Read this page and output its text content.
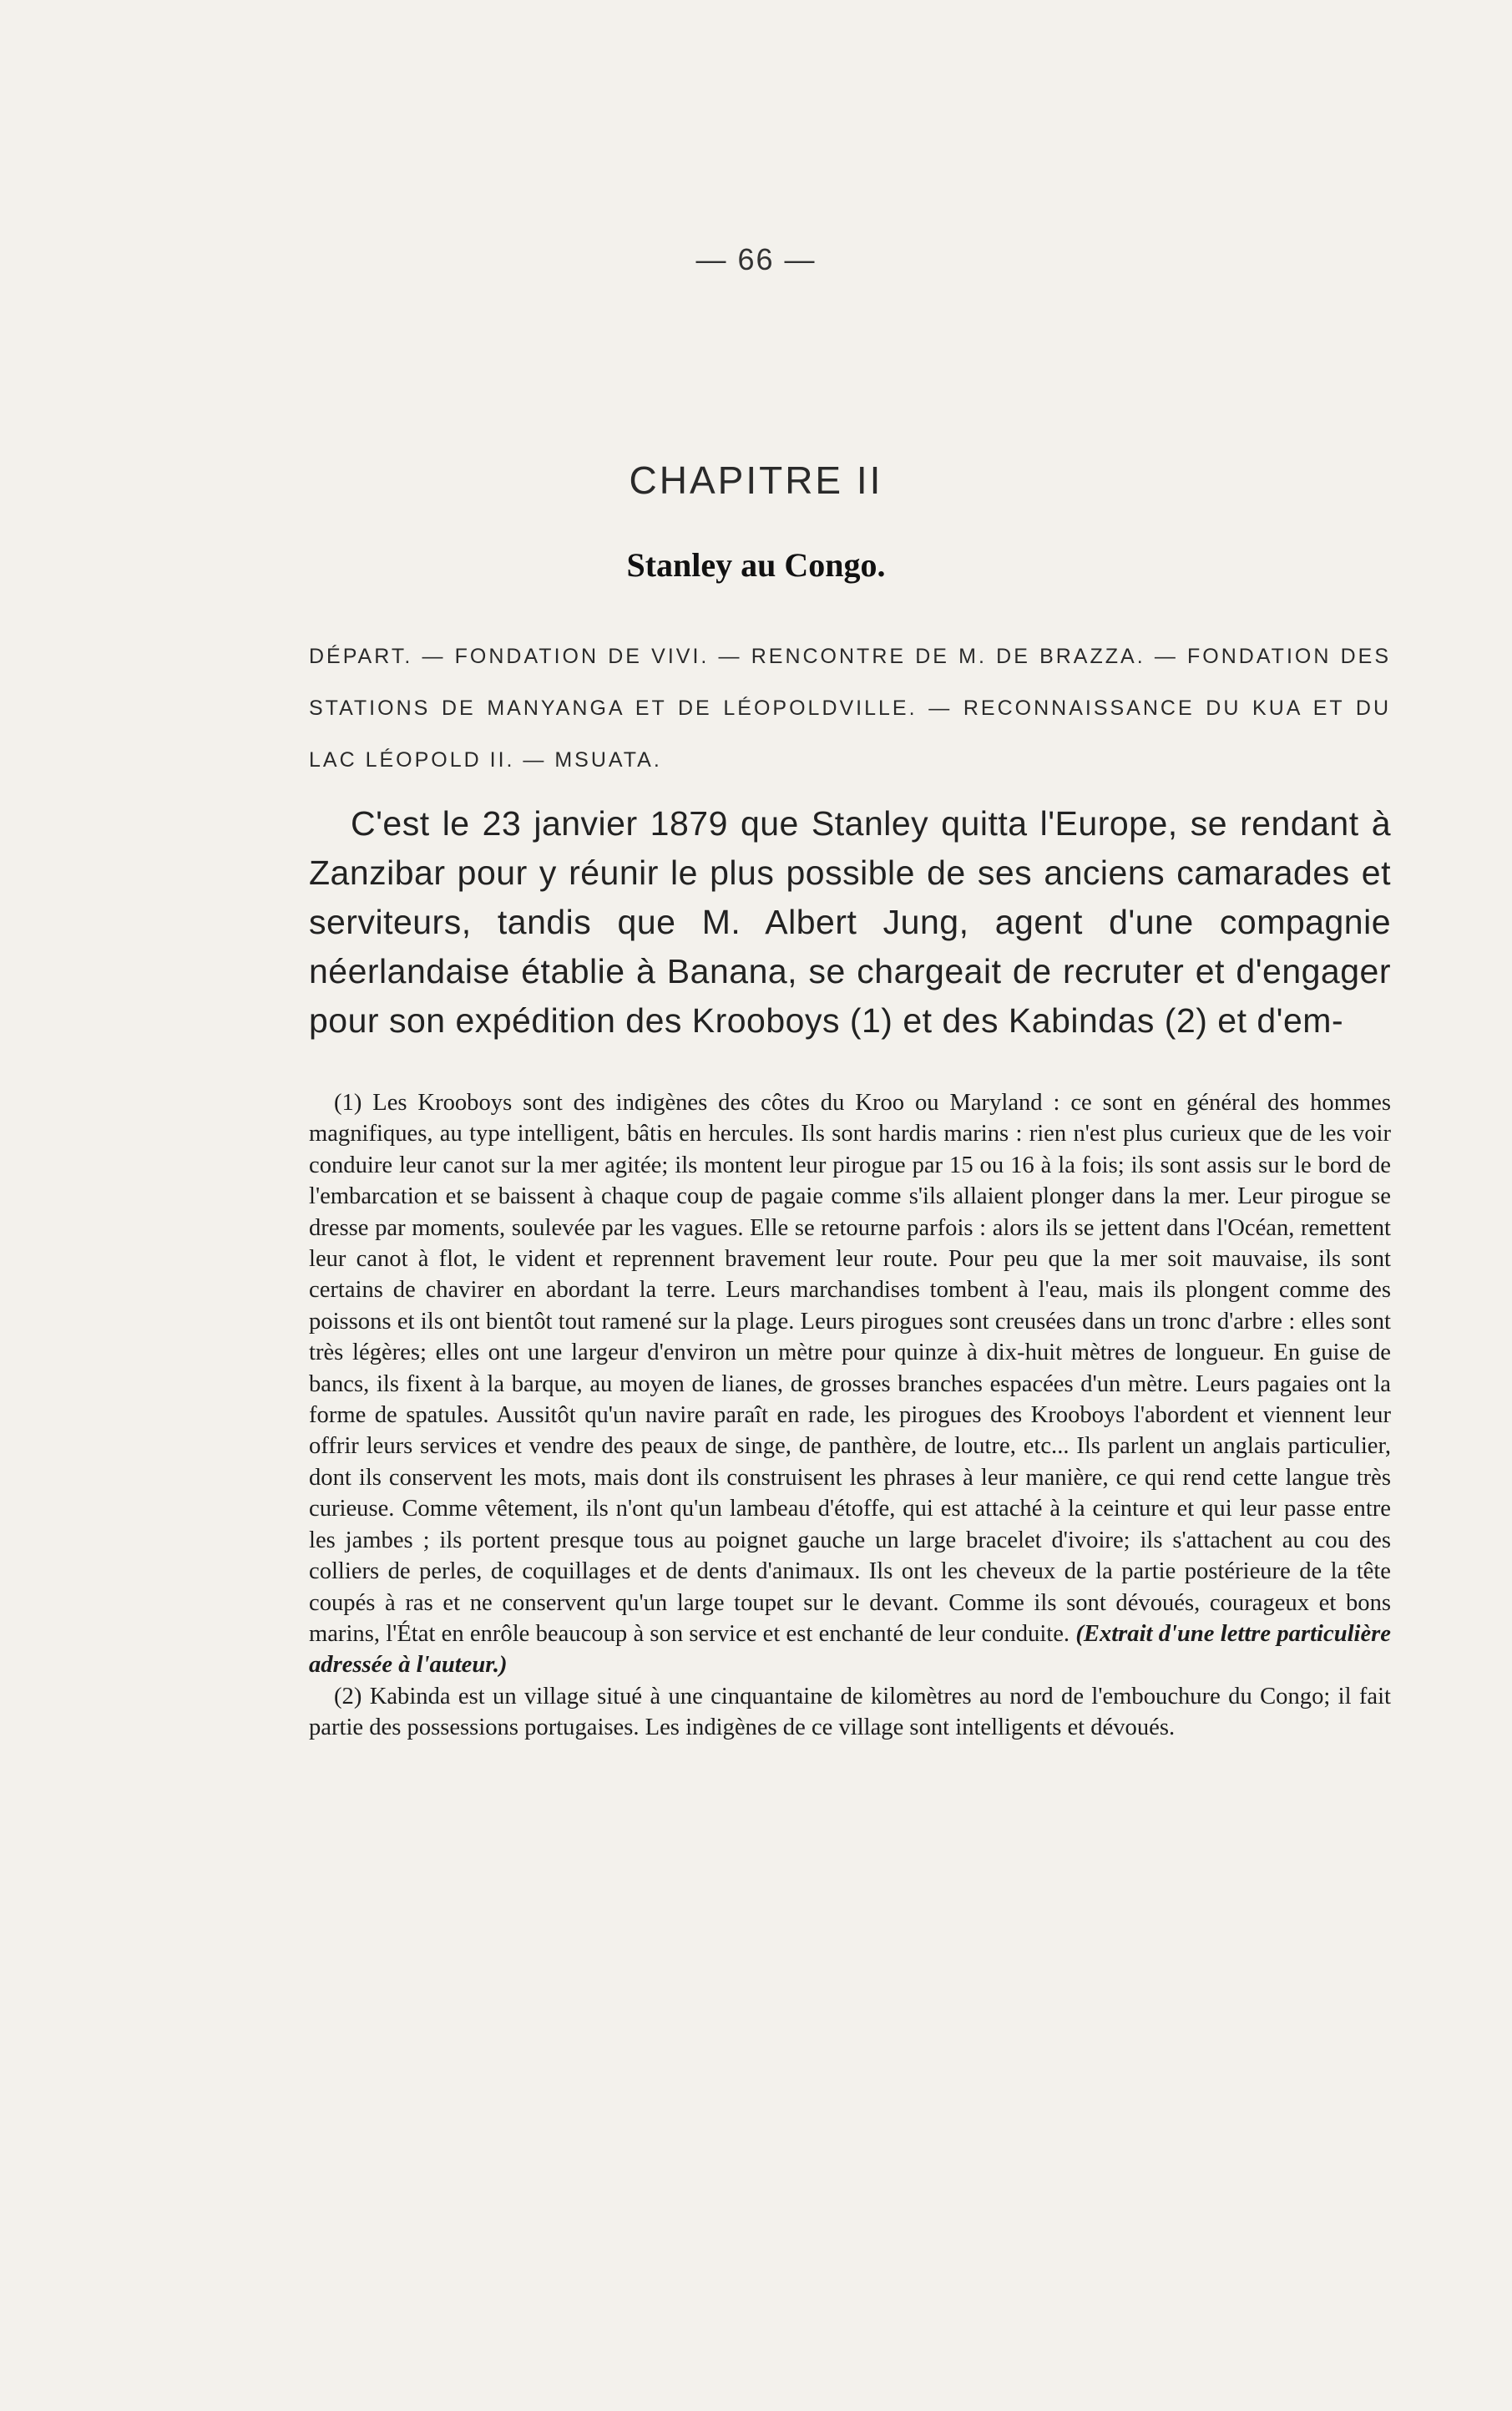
— 66 —
CHAPITRE II
Stanley au Congo.
DÉPART. — FONDATION DE VIVI. — RENCONTRE DE M. DE BRAZZA. — FONDATION DES STATIONS DE MANYANGA ET DE LÉOPOLDVILLE. — RECONNAISSANCE DU KUA ET DU LAC LÉOPOLD II. — MSUATA.

C'est le 23 janvier 1879 que Stanley quitta l'Europe, se rendant à Zanzibar pour y réunir le plus possible de ses anciens camarades et serviteurs, tandis que M. Albert Jung, agent d'une compagnie néerlandaise établie à Banana, se chargeait de recruter et d'engager pour son expédition des Krooboys (1) et des Kabindas (2) et d'em-

(1) Les Krooboys sont des indigènes des côtes du Kroo ou Maryland : ce sont en général des hommes magnifiques, au type intelligent, bâtis en hercules. Ils sont hardis marins : rien n'est plus curieux que de les voir conduire leur canot sur la mer agitée; ils montent leur pirogue par 15 ou 16 à la fois; ils sont assis sur le bord de l'embarcation et se baissent à chaque coup de pagaie comme s'ils allaient plonger dans la mer. Leur pirogue se dresse par moments, soulevée par les vagues. Elle se retourne parfois : alors ils se jettent dans l'Océan, remettent leur canot à flot, le vident et reprennent bravement leur route. Pour peu que la mer soit mauvaise, ils sont certains de chavirer en abordant la terre. Leurs marchandises tombent à l'eau, mais ils plongent comme des poissons et ils ont bientôt tout ramené sur la plage. Leurs pirogues sont creusées dans un tronc d'arbre : elles sont très légères; elles ont une largeur d'environ un mètre pour quinze à dix-huit mètres de longueur. En guise de bancs, ils fixent à la barque, au moyen de lianes, de grosses branches espacées d'un mètre. Leurs pagaies ont la forme de spatules. Aussitôt qu'un navire paraît en rade, les pirogues des Krooboys l'abordent et viennent leur offrir leurs services et vendre des peaux de singe, de panthère, de loutre, etc... Ils parlent un anglais particulier, dont ils conservent les mots, mais dont ils construisent les phrases à leur manière, ce qui rend cette langue très curieuse. Comme vêtement, ils n'ont qu'un lambeau d'étoffe, qui est attaché à la ceinture et qui leur passe entre les jambes ; ils portent presque tous au poignet gauche un large bracelet d'ivoire; ils s'attachent au cou des colliers de perles, de coquillages et de dents d'animaux. Ils ont les cheveux de la partie postérieure de la tête coupés à ras et ne conservent qu'un large toupet sur le devant. Comme ils sont dévoués, courageux et bons marins, l'État en enrôle beaucoup à son service et est enchanté de leur conduite. (Extrait d'une lettre particulière adressée à l'auteur.)

(2) Kabinda est un village situé à une cinquantaine de kilomètres au nord de l'embouchure du Congo; il fait partie des possessions portugaises. Les indigènes de ce village sont intelligents et dévoués.
